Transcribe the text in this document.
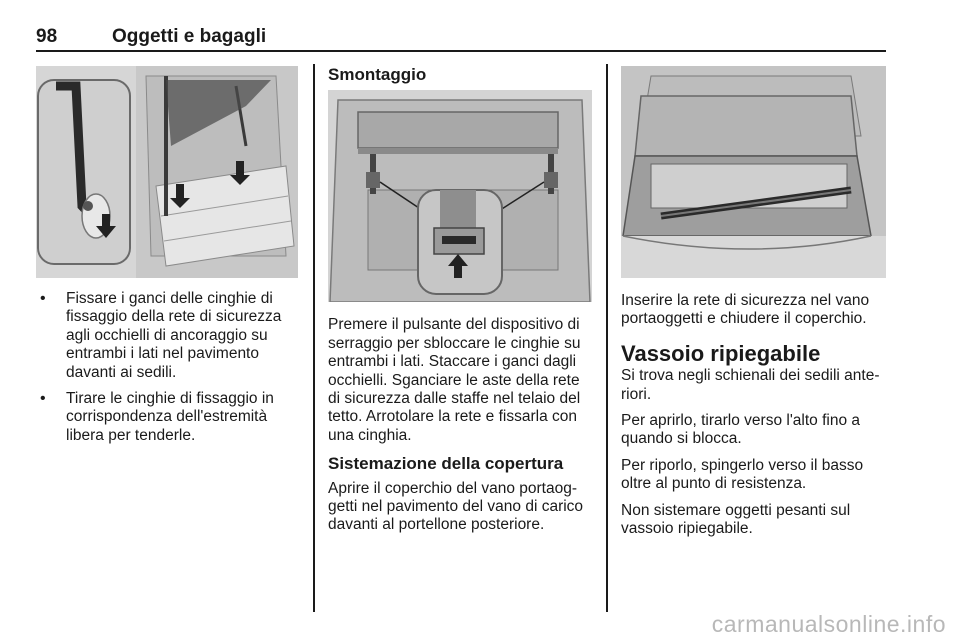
98	Oggetti e bagagli
• Fissare i ganci delle cinghie di fissaggio della rete di sicurezza agli occhielli di ancoraggio su entrambi i lati nel pavimento davanti ai sedili.
• Tirare le cinghie di fissaggio in corrispondenza dell'estremità libera per tenderle.
Smontaggio

Premere il pulsante del dispositivo di serraggio per sbloccare le cinghie su entrambi i lati. Staccare i ganci dagli occhielli. Sganciare le aste della rete di sicurezza dalle staffe nel telaio del tetto. Arrotolare la rete e fissarla con una cinghia.

Sistemazione della copertura

Aprire il coperchio del vano portaog-getti nel pavimento del vano di carico davanti al portellone posteriore.

Inserire la rete di sicurezza nel vano portaoggetti e chiudere il coperchio.

Vassoio ripiegabile

Si trova negli schienali dei sedili ante-riori.

Per aprirlo, tirarlo verso l'alto fino a quando si blocca.

Per riporlo, spingerlo verso il basso oltre al punto di resistenza.

Non sistemare oggetti pesanti sul vassoio ripiegabile.

carmanualsonline.info
